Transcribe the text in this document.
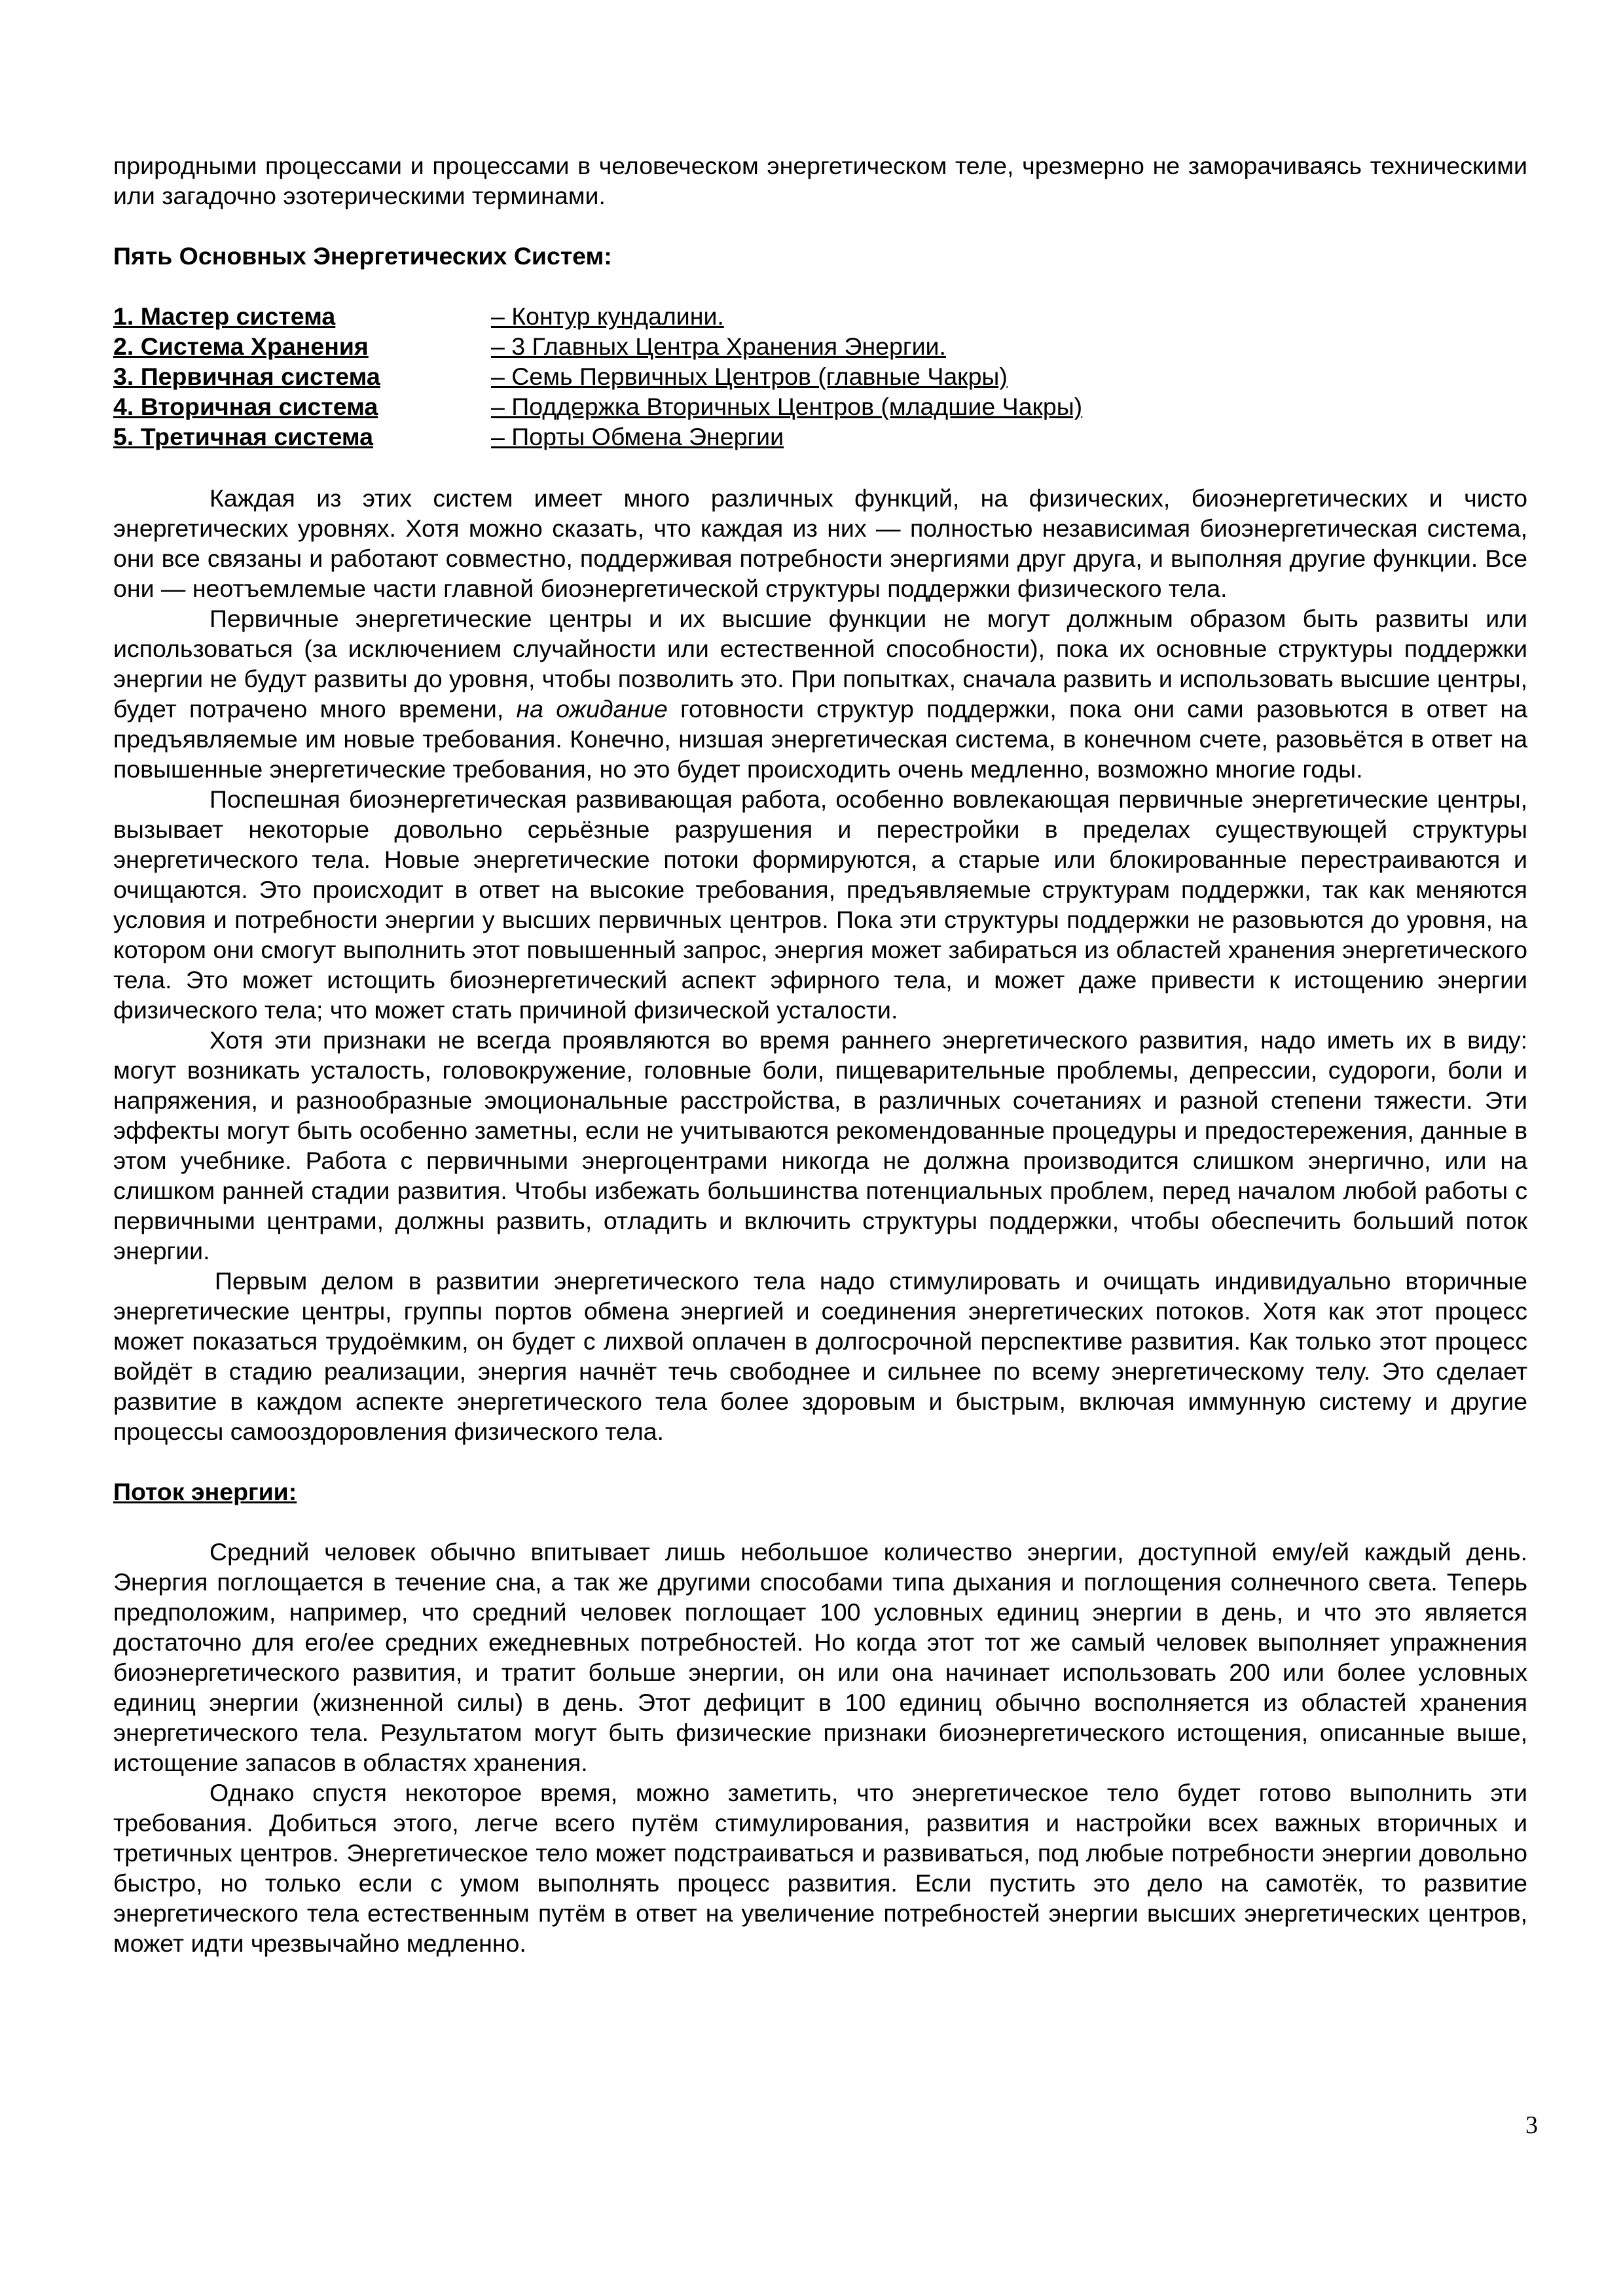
природными процессами и процессами в человеческом энергетическом теле, чрезмерно не заморачиваясь техническими или загадочно эзотерическими терминами.

Пять Основных Энергетических Систем:

1. Мастер система	– Контур кундалини.
2. Система Хранения	– 3 Главных Центра Хранения Энергии.
3. Первичная система	– Семь Первичных Центров (главные Чакры)
4. Вторичная система	– Поддержка Вторичных Центров (младшие Чакры)
5. Третичная система	– Порты Обмена Энергии

Каждая из этих систем имеет много различных функций, на физических, биоэнергетических и чисто энергетических уровнях. Хотя можно сказать, что каждая из них — полностью независимая биоэнергетическая система, они все связаны и работают совместно, поддерживая потребности энергиями друг друга, и выполняя другие функции. Все они — неотъемлемые части главной биоэнергетической структуры поддержки физического тела.

Первичные энергетические центры и их высшие функции не могут должным образом быть развиты или использоваться (за исключением случайности или естественной способности), пока их основные структуры поддержки энергии не будут развиты до уровня, чтобы позволить это. При попытках, сначала развить и использовать высшие центры, будет потрачено много времени, на ожидание готовности структур поддержки, пока они сами разовьются в ответ на предъявляемые им новые требования. Конечно, низшая энергетическая система, в конечном счете, разовьётся в ответ на повышенные энергетические требования, но это будет происходить очень медленно, возможно многие годы.

Поспешная биоэнергетическая развивающая работа, особенно вовлекающая первичные энергетические центры, вызывает некоторые довольно серьёзные разрушения и перестройки в пределах существующей структуры энергетического тела. Новые энергетические потоки формируются, а старые или блокированные перестраиваются и очищаются. Это происходит в ответ на высокие требования, предъявляемые структурам поддержки, так как меняются условия и потребности энергии у высших первичных центров. Пока эти структуры поддержки не разовьются до уровня, на котором они смогут выполнить этот повышенный запрос, энергия может забираться из областей хранения энергетического тела. Это может истощить биоэнергетический аспект эфирного тела, и может даже привести к истощению энергии физического тела; что может стать причиной физической усталости.

Хотя эти признаки не всегда проявляются во время раннего энергетического развития, надо иметь их в виду: могут возникать усталость, головокружение, головные боли, пищеварительные проблемы, депрессии, судороги, боли и напряжения, и разнообразные эмоциональные расстройства, в различных сочетаниях и разной степени тяжести. Эти эффекты могут быть особенно заметны, если не учитываются рекомендованные процедуры и предостережения, данные в этом учебнике. Работа с первичными энергоцентрами никогда не должна производится слишком энергично, или на слишком ранней стадии развития. Чтобы избежать большинства потенциальных проблем, перед началом любой работы с первичными центрами, должны развить, отладить и включить структуры поддержки, чтобы обеспечить больший поток энергии.

Первым делом в развитии энергетического тела надо стимулировать и очищать индивидуально вторичные энергетические центры, группы портов обмена энергией и соединения энергетических потоков. Хотя как этот процесс может показаться трудоёмким, он будет с лихвой оплачен в долгосрочной перспективе развития. Как только этот процесс войдёт в стадию реализации, энергия начнёт течь свободнее и сильнее по всему энергетическому телу. Это сделает развитие в каждом аспекте энергетического тела более здоровым и быстрым, включая иммунную систему и другие процессы самооздоровления физического тела.

Поток энергии:

Средний человек обычно впитывает лишь небольшое количество энергии, доступной ему/ей каждый день. Энергия поглощается в течение сна, а так же другими способами типа дыхания и поглощения солнечного света. Теперь предположим, например, что средний человек поглощает 100 условных единиц энергии в день, и что это является достаточно для его/ее средних ежедневных потребностей. Но когда этот тот же самый человек выполняет упражнения биоэнергетического развития, и тратит больше энергии, он или она начинает использовать 200 или более условных единиц энергии (жизненной силы) в день. Этот дефицит в 100 единиц обычно восполняется из областей хранения энергетического тела. Результатом могут быть физические признаки биоэнергетического истощения, описанные выше, истощение запасов в областях хранения.

Однако спустя некоторое время, можно заметить, что энергетическое тело будет готово выполнить эти требования. Добиться этого, легче всего путём стимулирования, развития и настройки всех важных вторичных и третичных центров. Энергетическое тело может подстраиваться и развиваться, под любые потребности энергии довольно быстро, но только если с умом выполнять процесс развития. Если пустить это дело на самотёк, то развитие энергетического тела естественным путём в ответ на увеличение потребностей энергии высших энергетических центров, может идти чрезвычайно медленно.

3
